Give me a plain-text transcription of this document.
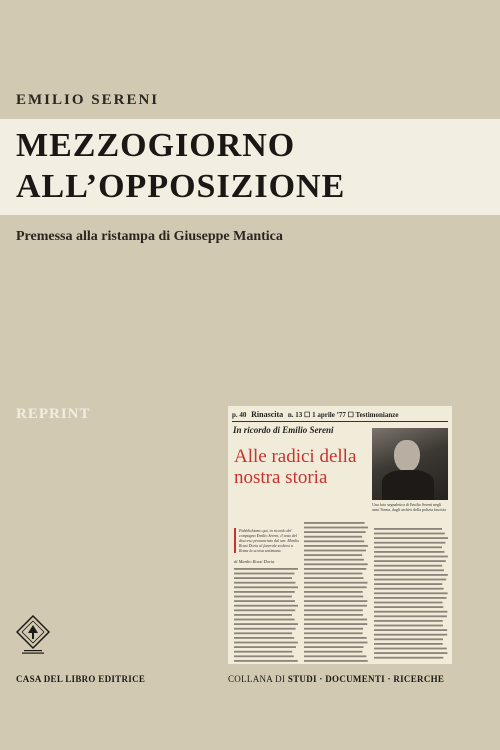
EMILIO SERENI
MEZZOGIORNO
ALL’OPPOSIZIONE
Premessa alla ristampa di Giuseppe Mantica
REPRINT	p. 40 Rinascita n. 13 ☐ 1 aprile ’77 ☐ Testimonianze
In ricordo di Emilio Sereni
Alle radici della nostra storia
Una foto segnaletica di Emilio Sereni negli anni Trenta, dagli archivi della polizia fascista
Pubblichiamo qui, in ricordo del compagno Emilio Sereni, il testo del discorso pronunciato dal sen. Manlio Rossi Doria al funerale svoltosi a Roma la scorsa settimana.
di Manlio Rossi Doria
CASA DEL LIBRO EDITRICE	COLLANA DI STUDI · DOCUMENTI · RICERCHE
